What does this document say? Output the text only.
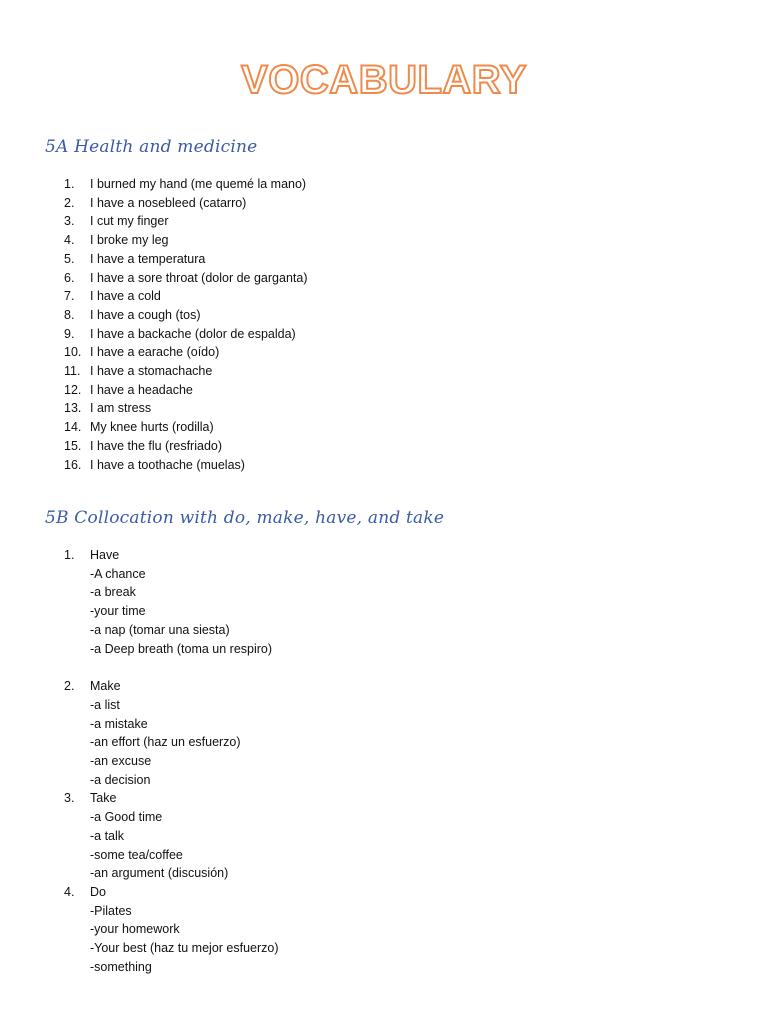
VOCABULARY
5A Health and medicine
1.	I burned my hand (me quemé la mano)
2.	I have a nosebleed (catarro)
3.	I cut my finger
4.	I broke my leg
5.	I have a temperatura
6.	I have a sore throat (dolor de garganta)
7.	I have a cold
8.	I have a cough (tos)
9.	I have a backache (dolor de espalda)
10. I have a earache (oído)
11. I have a stomachache
12. I have a headache
13. I am stress
14. My knee hurts (rodilla)
15. I have the flu (resfriado)
16. I have a toothache (muelas)
5B Collocation with do, make, have, and take
1.	Have
-A chance
-a break
-your time
-a nap (tomar una siesta)
-a Deep breath (toma un respiro)
2.	Make
-a list
-a mistake
-an effort (haz un esfuerzo)
-an excuse
-a decision
3.	Take
-a Good time
-a talk
-some tea/coffee
-an argument (discusión)
4.	Do
-Pilates
-your homework
-Your best (haz tu mejor esfuerzo)
-something
